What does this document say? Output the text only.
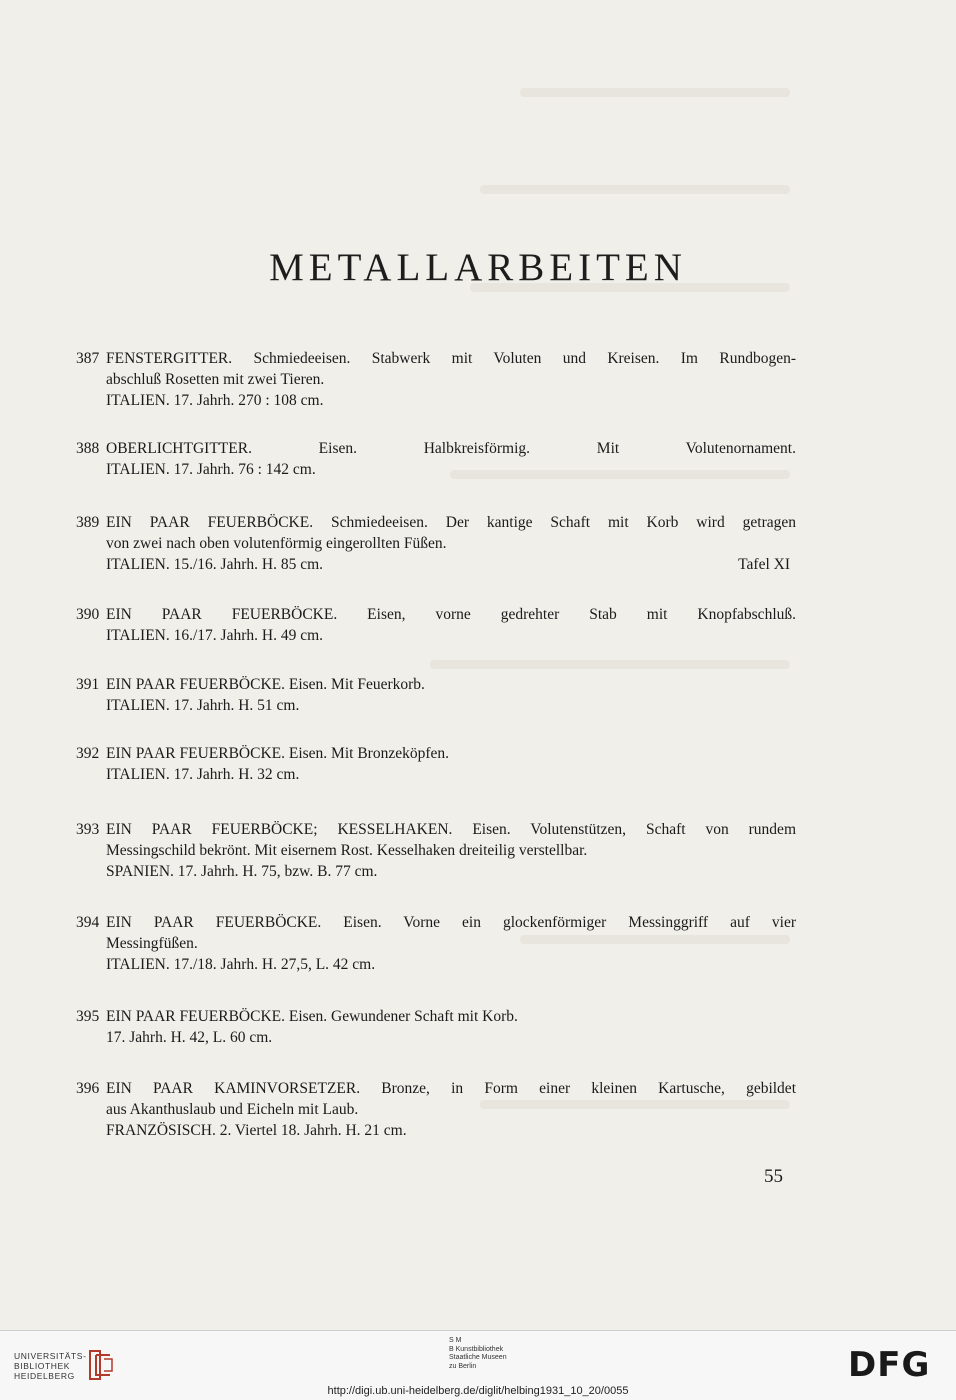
METALLARBEITEN
387 FENSTERGITTER. Schmiedeeisen. Stabwerk mit Voluten und Kreisen. Im Rundbogen-
abschluß Rosetten mit zwei Tieren.
ITALIEN. 17. Jahrh. 270 : 108 cm.
388 OBERLICHTGITTER. Eisen. Halbkreisförmig. Mit Volutenornament.
ITALIEN. 17. Jahrh. 76 : 142 cm.
389 EIN PAAR FEUERBÖCKE. Schmiedeeisen. Der kantige Schaft mit Korb wird getragen
von zwei nach oben volutenförmig eingerollten Füßen.
ITALIEN. 15./16. Jahrh. H. 85 cm.	Tafel XI
390 EIN PAAR FEUERBÖCKE. Eisen, vorne gedrehter Stab mit Knopfabschluß.
ITALIEN. 16./17. Jahrh. H. 49 cm.
391 EIN PAAR FEUERBÖCKE. Eisen. Mit Feuerkorb.
ITALIEN. 17. Jahrh. H. 51 cm.
392 EIN PAAR FEUERBÖCKE. Eisen. Mit Bronzeköpfen.
ITALIEN. 17. Jahrh. H. 32 cm.
393 EIN PAAR FEUERBÖCKE; KESSELHAKEN. Eisen. Volutenstützen, Schaft von rundem
Messingschild bekrönt. Mit eisernem Rost. Kesselhaken dreiteilig verstellbar.
SPANIEN. 17. Jahrh. H. 75, bzw. B. 77 cm.
394 EIN PAAR FEUERBÖCKE. Eisen. Vorne ein glockenförmiger Messinggriff auf vier
Messingfüßen.
ITALIEN. 17./18. Jahrh. H. 27,5, L. 42 cm.
395 EIN PAAR FEUERBÖCKE. Eisen. Gewundener Schaft mit Korb.
17. Jahrh. H. 42, L. 60 cm.
396 EIN PAAR KAMINVORSETZER. Bronze, in Form einer kleinen Kartusche, gebildet
aus Akanthuslaub und Eicheln mit Laub.
FRANZÖSISCH. 2. Viertel 18. Jahrh. H. 21 cm.
55
UNIVERSITÄTS-
BIBLIOTHEK
HEIDELBERG
S M
B Kunstbibliothek
Staatliche Museen
zu Berlin	DFG
http://digi.ub.uni-heidelberg.de/diglit/helbing1931_10_20/0055
